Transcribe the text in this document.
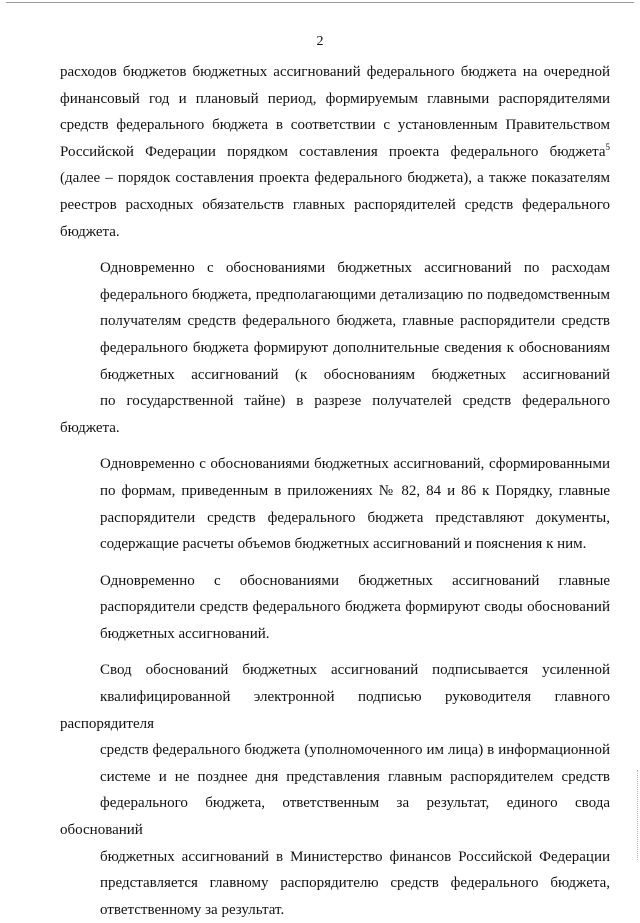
2

расходов бюджетов бюджетных ассигнований федерального бюджета на очередной
финансовый год и плановый период, формируемым главными распорядителями
средств федерального бюджета в соответствии с установленным Правительством
Российской Федерации порядком составления проекта федерального бюджета$^5$
(далее – порядок составления проекта федерального бюджета), а также показателям
реестров расходных обязательств главных распорядителей средств федерального
бюджета.

Одновременно с обоснованиями бюджетных ассигнований по расходам
федерального бюджета, предполагающими детализацию по подведомственным
получателям средств федерального бюджета, главные распорядители средств
федерального бюджета формируют дополнительные сведения к обоснованиям
бюджетных ассигнований (к обоснованиям бюджетных ассигнований
по государственной тайне) в разрезе получателей средств федерального бюджета.

Одновременно с обоснованиями бюджетных ассигнований, сформированными
по формам, приведенным в приложениях № 82, 84 и 86 к Порядку, главные
распорядители средств федерального бюджета представляют документы,
содержащие расчеты объемов бюджетных ассигнований и пояснения к ним.

Одновременно с обоснованиями бюджетных ассигнований главные
распорядители средств федерального бюджета формируют своды обоснований
бюджетных ассигнований.

Свод обоснований бюджетных ассигнований подписывается усиленной
квалифицированной электронной подписью руководителя главного распорядителя
средств федерального бюджета (уполномоченного им лица) в информационной
системе и не позднее дня представления главным распорядителем средств
федерального бюджета, ответственным за результат, единого свода обоснований
бюджетных ассигнований в Министерство финансов Российской Федерации
представляется главному распорядителю средств федерального бюджета,
ответственному за результат.
